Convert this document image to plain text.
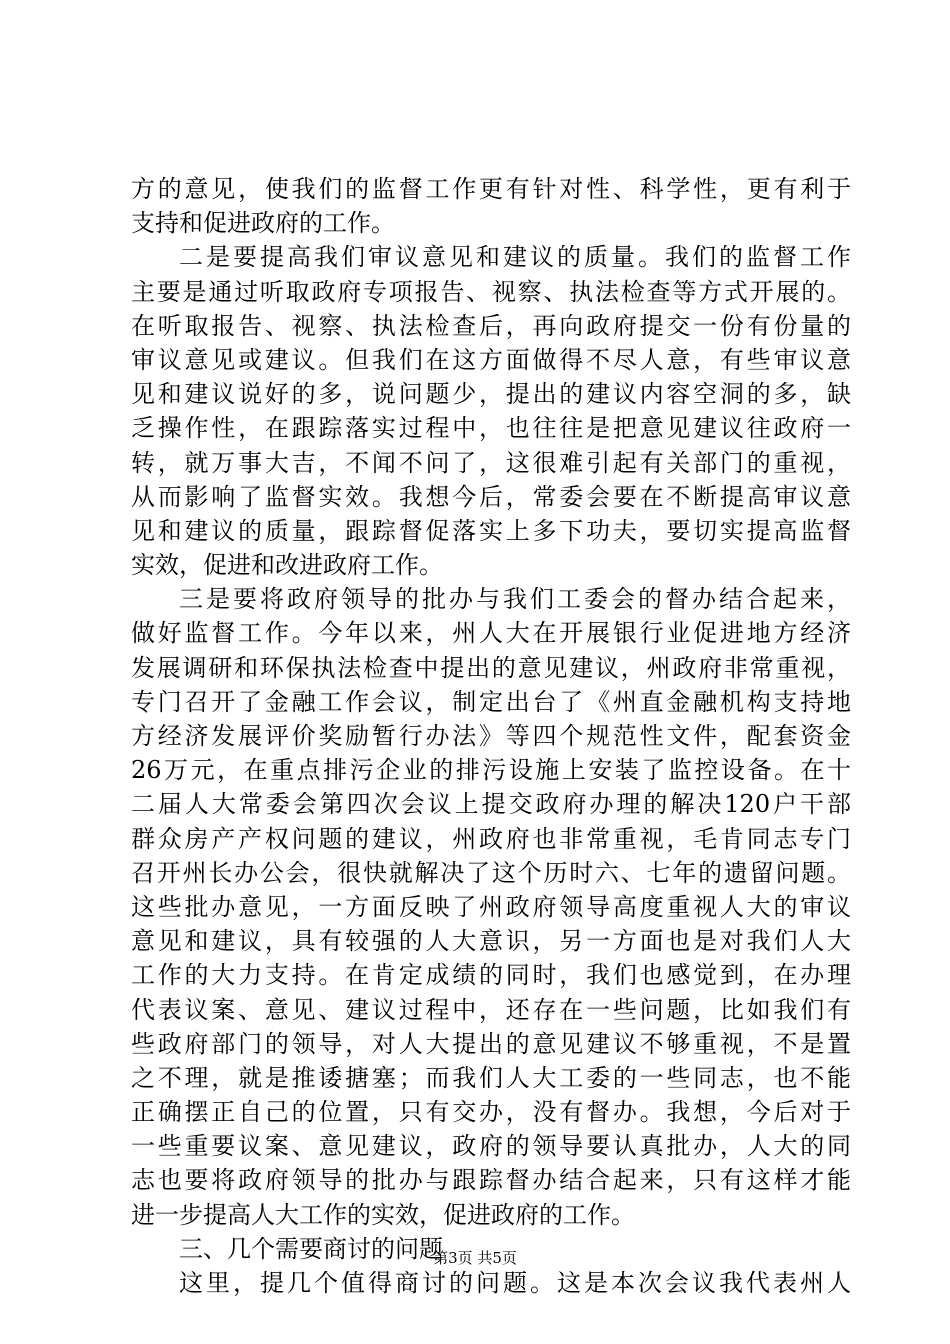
方的意见，使我们的监督工作更有针对性、科学性，更有利于
支持和促进政府的工作。
二是要提高我们审议意见和建议的质量。我们的监督工作
主要是通过听取政府专项报告、视察、执法检查等方式开展的。
在听取报告、视察、执法检查后，再向政府提交一份有份量的
审议意见或建议。但我们在这方面做得不尽人意，有些审议意
见和建议说好的多，说问题少，提出的建议内容空洞的多，缺
乏操作性，在跟踪落实过程中，也往往是把意见建议往政府一
转，就万事大吉，不闻不问了，这很难引起有关部门的重视，
从而影响了监督实效。我想今后，常委会要在不断提高审议意
见和建议的质量，跟踪督促落实上多下功夫，要切实提高监督
实效，促进和改进政府工作。
三是要将政府领导的批办与我们工委会的督办结合起来，
做好监督工作。今年以来，州人大在开展银行业促进地方经济
发展调研和环保执法检查中提出的意见建议，州政府非常重视，
专门召开了金融工作会议，制定出台了《州直金融机构支持地
方经济发展评价奖励暂行办法》等四个规范性文件，配套资金
26万元，在重点排污企业的排污设施上安装了监控设备。在十
二届人大常委会第四次会议上提交政府办理的解决120户干部
群众房产产权问题的建议，州政府也非常重视，毛肯同志专门
召开州长办公会，很快就解决了这个历时六、七年的遗留问题。
这些批办意见，一方面反映了州政府领导高度重视人大的审议
意见和建议，具有较强的人大意识，另一方面也是对我们人大
工作的大力支持。在肯定成绩的同时，我们也感觉到，在办理
代表议案、意见、建议过程中，还存在一些问题，比如我们有
些政府部门的领导，对人大提出的意见建议不够重视，不是置
之不理，就是推诿搪塞；而我们人大工委的一些同志，也不能
正确摆正自己的位置，只有交办，没有督办。我想，今后对于
一些重要议案、意见建议，政府的领导要认真批办，人大的同
志也要将政府领导的批办与跟踪督办结合起来，只有这样才能
进一步提高人大工作的实效，促进政府的工作。
三、几个需要商讨的问题
这里，提几个值得商讨的问题。这是本次会议我代表州人
第3页 共5页
